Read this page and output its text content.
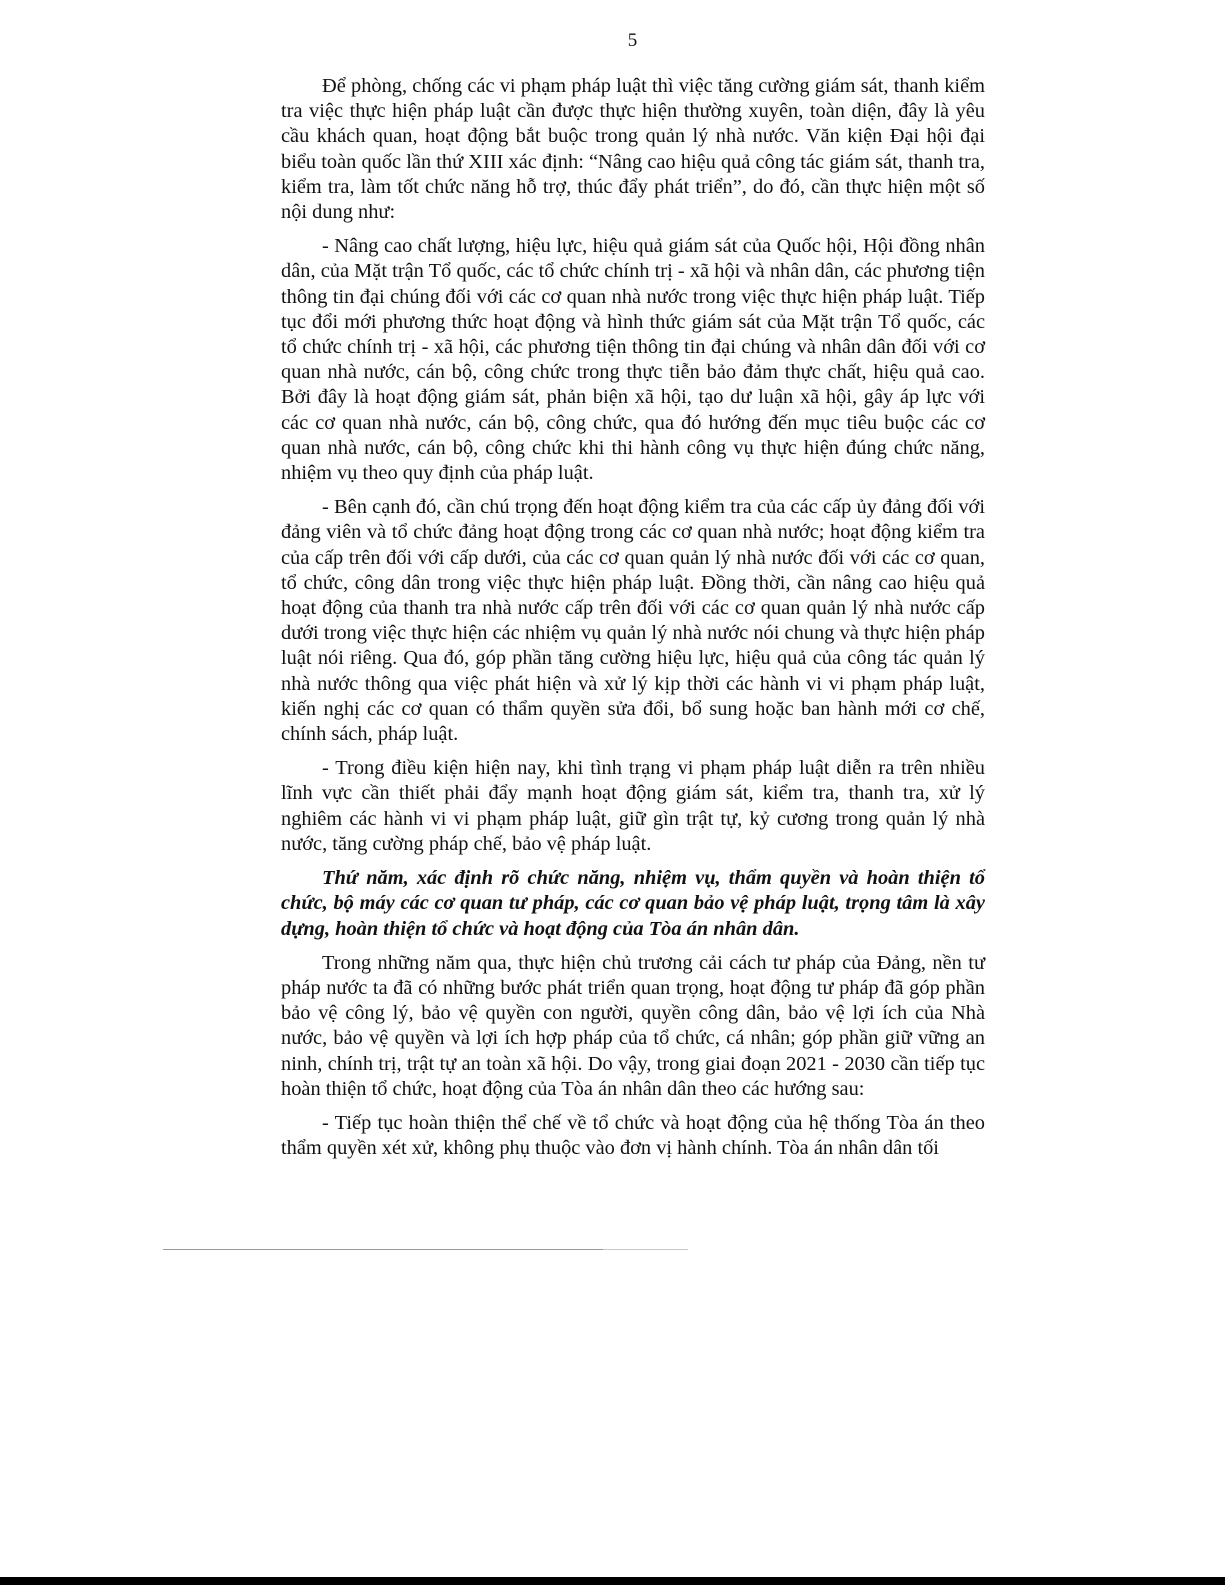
5

Để phòng, chống các vi phạm pháp luật thì việc tăng cường giám sát, thanh kiểm tra việc thực hiện pháp luật cần được thực hiện thường xuyên, toàn diện, đây là yêu cầu khách quan, hoạt động bắt buộc trong quản lý nhà nước. Văn kiện Đại hội đại biểu toàn quốc lần thứ XIII xác định: “Nâng cao hiệu quả công tác giám sát, thanh tra, kiểm tra, làm tốt chức năng hỗ trợ, thúc đẩy phát triển”, do đó, cần thực hiện một số nội dung như:

- Nâng cao chất lượng, hiệu lực, hiệu quả giám sát của Quốc hội, Hội đồng nhân dân, của Mặt trận Tổ quốc, các tổ chức chính trị - xã hội và nhân dân, các phương tiện thông tin đại chúng đối với các cơ quan nhà nước trong việc thực hiện pháp luật. Tiếp tục đổi mới phương thức hoạt động và hình thức giám sát của Mặt trận Tổ quốc, các tổ chức chính trị - xã hội, các phương tiện thông tin đại chúng và nhân dân đối với cơ quan nhà nước, cán bộ, công chức trong thực tiễn bảo đảm thực chất, hiệu quả cao. Bởi đây là hoạt động giám sát, phản biện xã hội, tạo dư luận xã hội, gây áp lực với các cơ quan nhà nước, cán bộ, công chức, qua đó hướng đến mục tiêu buộc các cơ quan nhà nước, cán bộ, công chức khi thi hành công vụ thực hiện đúng chức năng, nhiệm vụ theo quy định của pháp luật.

- Bên cạnh đó, cần chú trọng đến hoạt động kiểm tra của các cấp ủy đảng đối với đảng viên và tổ chức đảng hoạt động trong các cơ quan nhà nước; hoạt động kiểm tra của cấp trên đối với cấp dưới, của các cơ quan quản lý nhà nước đối với các cơ quan, tổ chức, công dân trong việc thực hiện pháp luật. Đồng thời, cần nâng cao hiệu quả hoạt động của thanh tra nhà nước cấp trên đối với các cơ quan quản lý nhà nước cấp dưới trong việc thực hiện các nhiệm vụ quản lý nhà nước nói chung và thực hiện pháp luật nói riêng. Qua đó, góp phần tăng cường hiệu lực, hiệu quả của công tác quản lý nhà nước thông qua việc phát hiện và xử lý kịp thời các hành vi vi phạm pháp luật, kiến nghị các cơ quan có thẩm quyền sửa đổi, bổ sung hoặc ban hành mới cơ chế, chính sách, pháp luật.

- Trong điều kiện hiện nay, khi tình trạng vi phạm pháp luật diễn ra trên nhiều lĩnh vực cần thiết phải đẩy mạnh hoạt động giám sát, kiểm tra, thanh tra, xử lý nghiêm các hành vi vi phạm pháp luật, giữ gìn trật tự, kỷ cương trong quản lý nhà nước, tăng cường pháp chế, bảo vệ pháp luật.

Thứ năm, xác định rõ chức năng, nhiệm vụ, thẩm quyền và hoàn thiện tổ chức, bộ máy các cơ quan tư pháp, các cơ quan bảo vệ pháp luật, trọng tâm là xây dựng, hoàn thiện tổ chức và hoạt động của Tòa án nhân dân.

Trong những năm qua, thực hiện chủ trương cải cách tư pháp của Đảng, nền tư pháp nước ta đã có những bước phát triển quan trọng, hoạt động tư pháp đã góp phần bảo vệ công lý, bảo vệ quyền con người, quyền công dân, bảo vệ lợi ích của Nhà nước, bảo vệ quyền và lợi ích hợp pháp của tổ chức, cá nhân; góp phần giữ vững an ninh, chính trị, trật tự an toàn xã hội. Do vậy, trong giai đoạn 2021 - 2030 cần tiếp tục hoàn thiện tổ chức, hoạt động của Tòa án nhân dân theo các hướng sau:

- Tiếp tục hoàn thiện thể chế về tổ chức và hoạt động của hệ thống Tòa án theo thẩm quyền xét xử, không phụ thuộc vào đơn vị hành chính. Tòa án nhân dân tối
